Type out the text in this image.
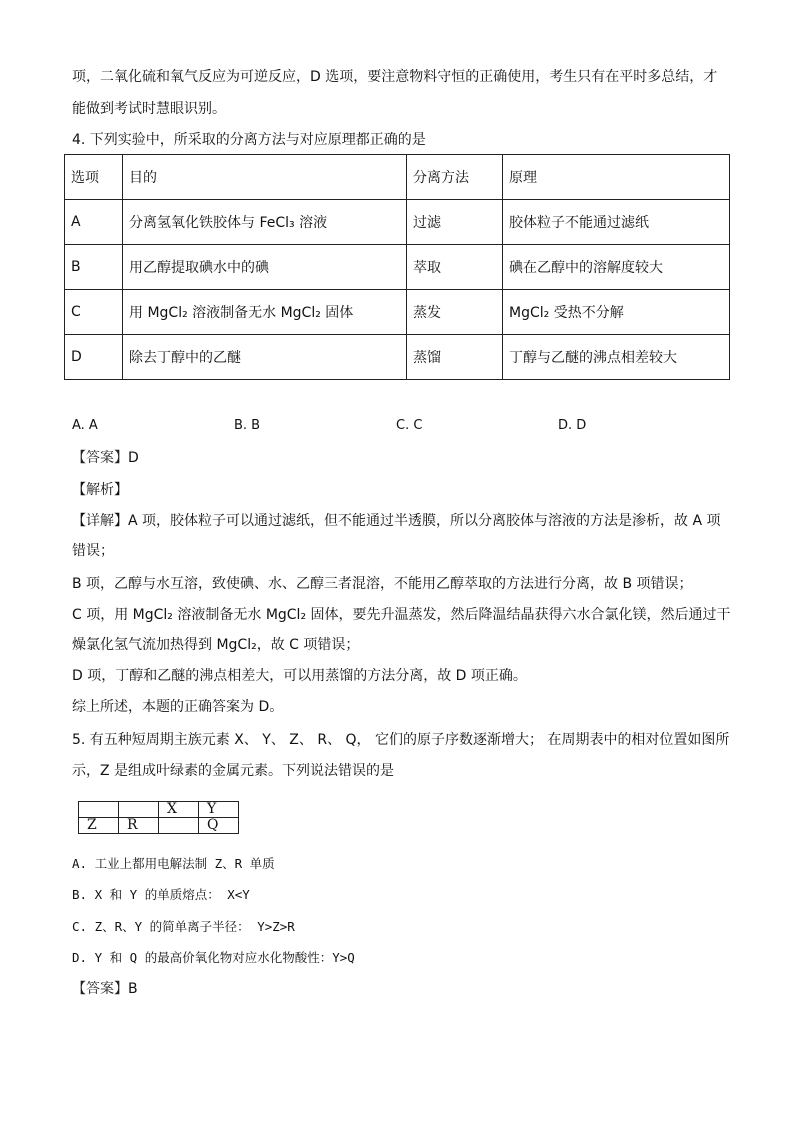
项，二氧化硫和氧气反应为可逆反应，D 选项，要注意物料守恒的正确使用，考生只有在平时多总结，才

能做到考试时慧眼识别。

4. 下列实验中，所采取的分离方法与对应原理都正确的是

选项	目的	分离方法	原理
A	分离氢氧化铁胶体与 FeCl₃ 溶液	过滤	胶体粒子不能通过滤纸
B	用乙醇提取碘水中的碘	萃取	碘在乙醇中的溶解度较大
C	用 MgCl₂ 溶液制备无水 MgCl₂ 固体	蒸发	MgCl₂ 受热不分解
D	除去丁醇中的乙醚	蒸馏	丁醇与乙醚的沸点相差较大
A. A	B. B	C. C	D. D

【答案】D

【解析】

【详解】A 项，胶体粒子可以通过滤纸，但不能通过半透膜，所以分离胶体与溶液的方法是渗析，故 A 项

错误；

B 项，乙醇与水互溶，致使碘、水、乙醇三者混溶，不能用乙醇萃取的方法进行分离，故 B 项错误；

C 项，用 MgCl₂ 溶液制备无水 MgCl₂ 固体，要先升温蒸发，然后降温结晶获得六水合氯化镁，然后通过干

燥氯化氢气流加热得到 MgCl₂，故 C 项错误；

D 项，丁醇和乙醚的沸点相差大，可以用蒸馏的方法分离，故 D 项正确。

综上所述，本题的正确答案为 D。

5. 有五种短周期主族元素 X、 Y、 Z、 R、 Q， 它们的原子序数逐渐增大； 在周期表中的相对位置如图所

示，Z 是组成叶绿素的金属元素。下列说法错误的是

		X	Y
Z	R		Q

A. 工业上都用电解法制 Z、R 单质

B. X 和 Y 的单质熔点： X<Y

C. Z、R、Y 的简单离子半径： Y>Z>R

D. Y 和 Q 的最高价氧化物对应水化物酸性：Y>Q

【答案】B
